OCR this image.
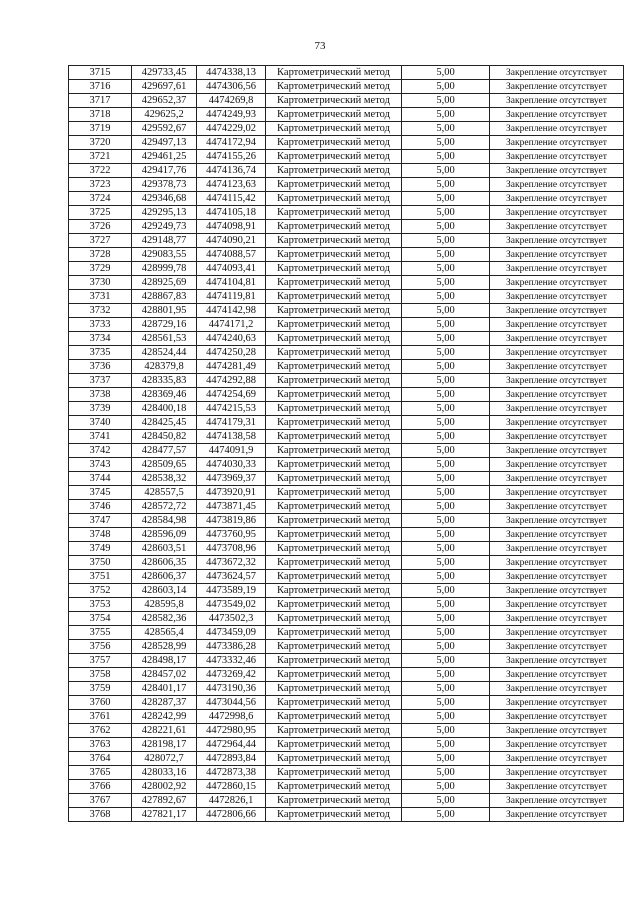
73
3715	429733,45	4474338,13	Картометрический метод	5,00	Закрепление отсутствует
3716	429697,61	4474306,56	Картометрический метод	5,00	Закрепление отсутствует
3717	429652,37	4474269,8	Картометрический метод	5,00	Закрепление отсутствует
3718	429625,2	4474249,93	Картометрический метод	5,00	Закрепление отсутствует
3719	429592,67	4474229,02	Картометрический метод	5,00	Закрепление отсутствует
3720	429497,13	4474172,94	Картометрический метод	5,00	Закрепление отсутствует
3721	429461,25	4474155,26	Картометрический метод	5,00	Закрепление отсутствует
3722	429417,76	4474136,74	Картометрический метод	5,00	Закрепление отсутствует
3723	429378,73	4474123,63	Картометрический метод	5,00	Закрепление отсутствует
3724	429346,68	4474115,42	Картометрический метод	5,00	Закрепление отсутствует
3725	429295,13	4474105,18	Картометрический метод	5,00	Закрепление отсутствует
3726	429249,73	4474098,91	Картометрический метод	5,00	Закрепление отсутствует
3727	429148,77	4474090,21	Картометрический метод	5,00	Закрепление отсутствует
3728	429083,55	4474088,57	Картометрический метод	5,00	Закрепление отсутствует
3729	428999,78	4474093,41	Картометрический метод	5,00	Закрепление отсутствует
3730	428925,69	4474104,81	Картометрический метод	5,00	Закрепление отсутствует
3731	428867,83	4474119,81	Картометрический метод	5,00	Закрепление отсутствует
3732	428801,95	4474142,98	Картометрический метод	5,00	Закрепление отсутствует
3733	428729,16	4474171,2	Картометрический метод	5,00	Закрепление отсутствует
3734	428561,53	4474240,63	Картометрический метод	5,00	Закрепление отсутствует
3735	428524,44	4474250,28	Картометрический метод	5,00	Закрепление отсутствует
3736	428379,8	4474281,49	Картометрический метод	5,00	Закрепление отсутствует
3737	428335,83	4474292,88	Картометрический метод	5,00	Закрепление отсутствует
3738	428369,46	4474254,69	Картометрический метод	5,00	Закрепление отсутствует
3739	428400,18	4474215,53	Картометрический метод	5,00	Закрепление отсутствует
3740	428425,45	4474179,31	Картометрический метод	5,00	Закрепление отсутствует
3741	428450,82	4474138,58	Картометрический метод	5,00	Закрепление отсутствует
3742	428477,57	4474091,9	Картометрический метод	5,00	Закрепление отсутствует
3743	428509,65	4474030,33	Картометрический метод	5,00	Закрепление отсутствует
3744	428538,32	4473969,37	Картометрический метод	5,00	Закрепление отсутствует
3745	428557,5	4473920,91	Картометрический метод	5,00	Закрепление отсутствует
3746	428572,72	4473871,45	Картометрический метод	5,00	Закрепление отсутствует
3747	428584,98	4473819,86	Картометрический метод	5,00	Закрепление отсутствует
3748	428596,09	4473760,95	Картометрический метод	5,00	Закрепление отсутствует
3749	428603,51	4473708,96	Картометрический метод	5,00	Закрепление отсутствует
3750	428606,35	4473672,32	Картометрический метод	5,00	Закрепление отсутствует
3751	428606,37	4473624,57	Картометрический метод	5,00	Закрепление отсутствует
3752	428603,14	4473589,19	Картометрический метод	5,00	Закрепление отсутствует
3753	428595,8	4473549,02	Картометрический метод	5,00	Закрепление отсутствует
3754	428582,36	4473502,3	Картометрический метод	5,00	Закрепление отсутствует
3755	428565,4	4473459,09	Картометрический метод	5,00	Закрепление отсутствует
3756	428528,99	4473386,28	Картометрический метод	5,00	Закрепление отсутствует
3757	428498,17	4473332,46	Картометрический метод	5,00	Закрепление отсутствует
3758	428457,02	4473269,42	Картометрический метод	5,00	Закрепление отсутствует
3759	428401,17	4473190,36	Картометрический метод	5,00	Закрепление отсутствует
3760	428287,37	4473044,56	Картометрический метод	5,00	Закрепление отсутствует
3761	428242,99	4472998,6	Картометрический метод	5,00	Закрепление отсутствует
3762	428221,61	4472980,95	Картометрический метод	5,00	Закрепление отсутствует
3763	428198,17	4472964,44	Картометрический метод	5,00	Закрепление отсутствует
3764	428072,7	4472893,84	Картометрический метод	5,00	Закрепление отсутствует
3765	428033,16	4472873,38	Картометрический метод	5,00	Закрепление отсутствует
3766	428002,92	4472860,15	Картометрический метод	5,00	Закрепление отсутствует
3767	427892,67	4472826,1	Картометрический метод	5,00	Закрепление отсутствует
3768	427821,17	4472806,66	Картометрический метод	5,00	Закрепление отсутствует
